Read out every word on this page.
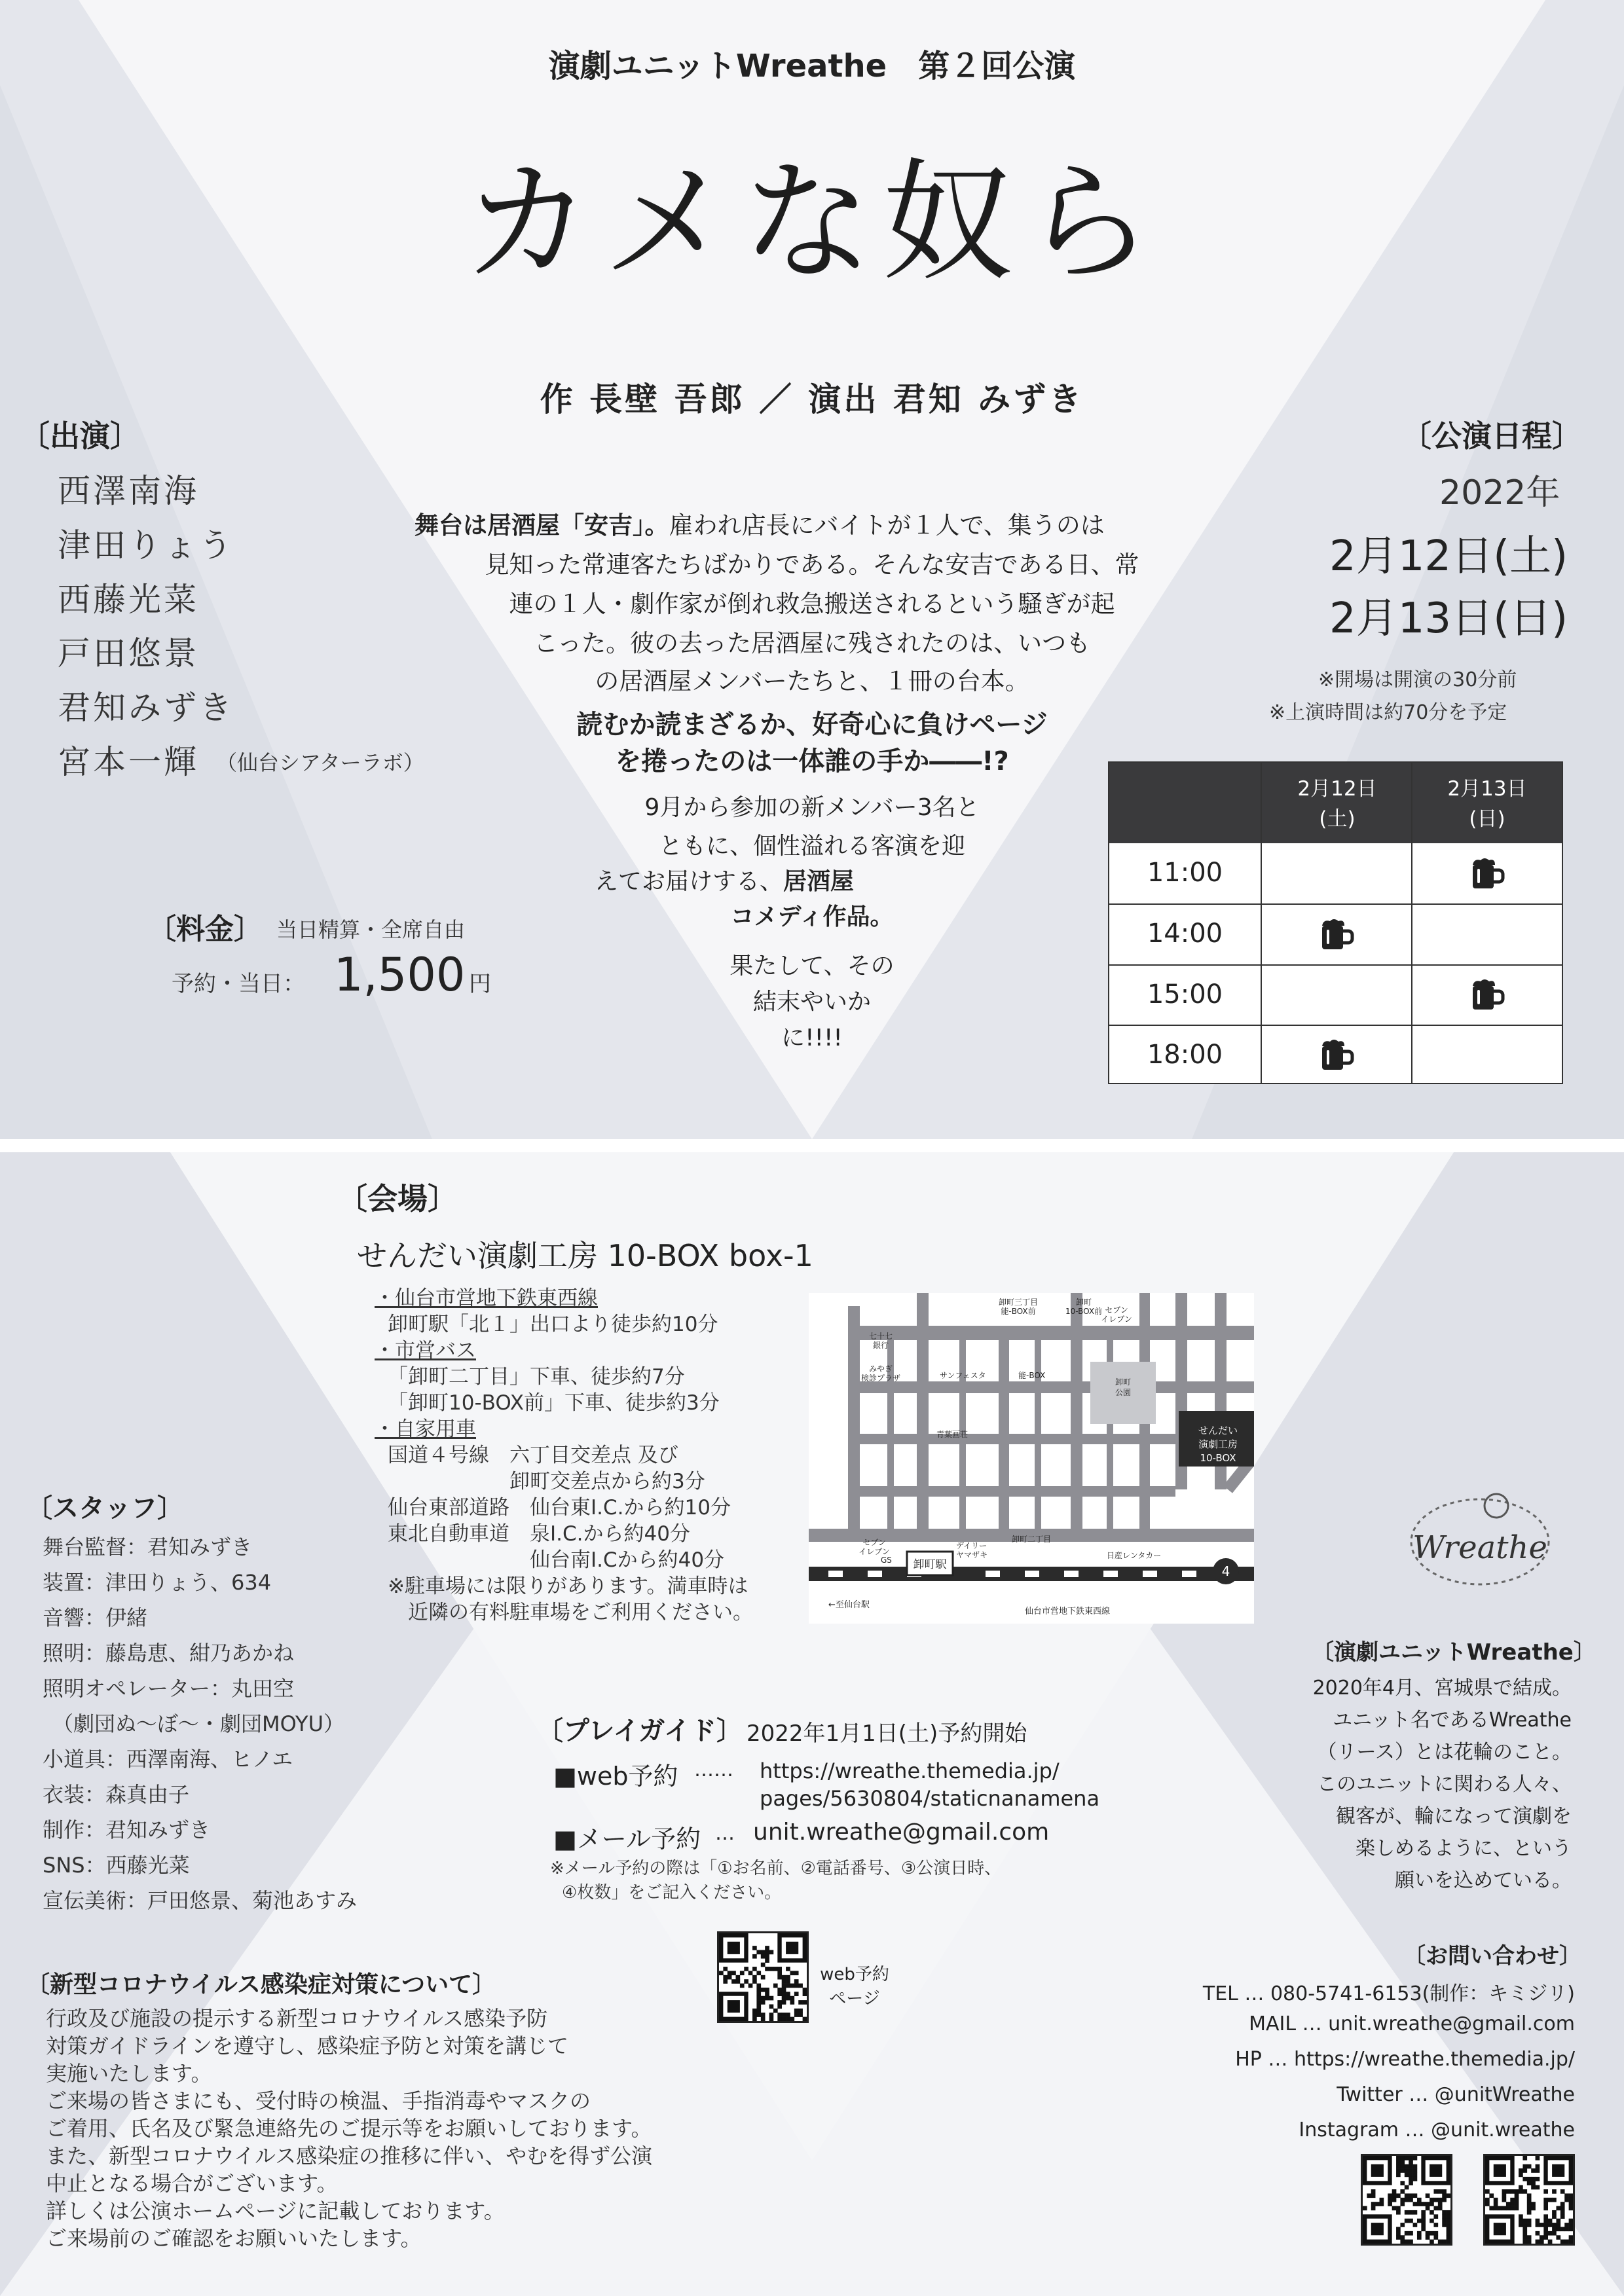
演劇ユニットWreathe　第２回公演
カメな奴ら
作 長壁 吾郎 ／ 演出 君知 みずき
〔出演〕
西澤南海
津田りょう
西藤光菜
戸田悠景
君知みずき
宮本一輝 （仙台シアターラボ）
舞台は居酒屋「安吉」。雇われ店長にバイトが１人で、集うのは
見知った常連客たちばかりである。そんな安吉である日、常
連の１人・劇作家が倒れ救急搬送されるという騒ぎが起
こった。彼の去った居酒屋に残されたのは、いつも
の居酒屋メンバーたちと、１冊の台本。
読むか読まざるか、好奇心に負けページ
を捲ったのは一体誰の手か――!?
9月から参加の新メンバー3名と
ともに、個性溢れる客演を迎
えてお届けする、居酒屋
コメディ作品。
果たして、その
結末やいか
に!!!!
〔料金〕 当日精算・全席自由
予約・当日： 1,500 円
〔公演日程〕
2022年
2月12日(土)
2月13日(日)
※開場は開演の30分前
※上演時間は約70分を予定
2月12日
(土)
2月13日
(日)
11:00
14:00
15:00
18:00
〔会場〕
せんだい演劇工房 10-BOX box-1
・仙台市営地下鉄東西線
卸町駅「北１」出口より徒歩約10分
・市営バス
「卸町二丁目」下車、徒歩約7分
「卸町10-BOX前」下車、徒歩約3分
・自家用車
国道４号線　六丁目交差点 及び
　　　　　　卸町交差点から約3分
仙台東部道路　仙台東I.C.から約10分
東北自動車道　泉I.C.から約40分
　　　　　　　仙台南I.Cから約40分
※駐車場には限りがあります。満車時は
　近隣の有料駐車場をご利用ください。
卸町駅
仙台市営地下鉄東西線
←至仙台駅
4
せんだい
演劇工房
10-BOX
卸町
公園
卸町三丁目
能-BOX前
卸町
10-BOX前 セブン
イレブン
七十七
銀行
みやぎ
検診プラザ	サンフェスタ	能-BOX
青葉画荘
セブン
イレブン
デイリー
ヤマザキ
卸町二丁目
日産レンタカー
GS
〔スタッフ〕
舞台監督：君知みずき
装置：津田りょう、634
音響：伊緒
照明：藤島恵、紺乃あかね
照明オペレーター：丸田空
（劇団ぬ～ぼ～・劇団MOYU）
小道具：西澤南海、ヒノエ
衣装：森真由子
制作：君知みずき
SNS：西藤光菜
宣伝美術：戸田悠景、菊池あすみ
〔新型コロナウイルス感染症対策について〕
行政及び施設の提示する新型コロナウイルス感染予防
対策ガイドラインを遵守し、感染症予防と対策を講じて
実施いたします。
ご来場の皆さまにも、受付時の検温、手指消毒やマスクの
ご着用、氏名及び緊急連絡先のご提示等をお願いしております。
また、新型コロナウイルス感染症の推移に伴い、やむを得ず公演
中止となる場合がございます。
詳しくは公演ホームページに記載しております。
ご来場前のご確認をお願いいたします。
〔プレイガイド〕 2022年1月1日(土)予約開始
■web予約 …… https://wreathe.themedia.jp/
pages/5630804/staticnanamena
■メール予約 … unit.wreathe@gmail.com
※メール予約の際は「①お名前、②電話番号、③公演日時、
④枚数」をご記入ください。
web予約
ページ
Wreathe
〔演劇ユニットWreathe〕
2020年4月、宮城県で結成。
ユニット名であるWreathe
（リース）とは花輪のこと。
このユニットに関わる人々、
観客が、輪になって演劇を
楽しめるように、という
願いを込めている。
〔お問い合わせ〕
TEL … 080-5741-6153(制作：キミジリ)
MAIL … unit.wreathe@gmail.com
HP … https://wreathe.themedia.jp/
Twitter … @unitWreathe
Instagram … @unit.wreathe
